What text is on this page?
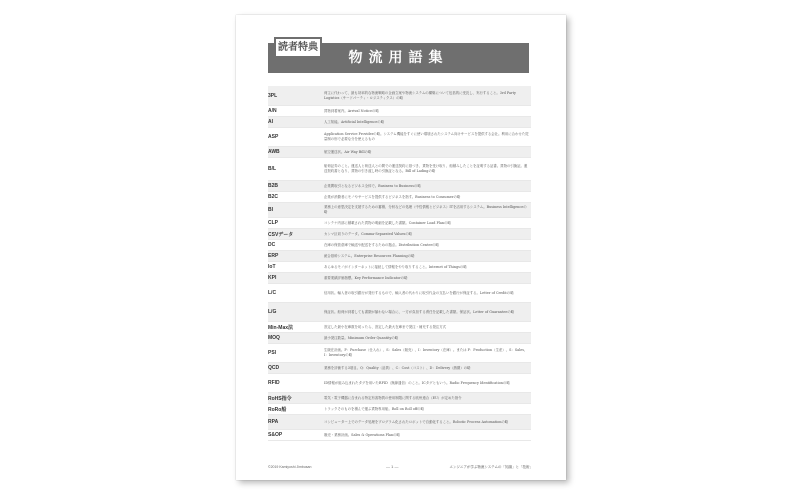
読者特典
物流用語集
3PL	荷主に代わって、最も効率的な物流戦略の企画立案や物流システムの構築について包括的に受託し、実行すること。3rd Party Logistics（サードパーティ・ロジスティクス）の略
A/N	貨物到着案内。Arrival Noticeの略
AI	人工知能。Artificial Intelligenceの略
ASP	Application Service Providerの略。システム機能をすぐに使い環境されたシステム向けサービスを提供する会社。利用に合わせた従量制の形で必要な分を使えるもの
AWB	航空運送状。Air Way Billの略
B/L	船荷証券のこと。運送人と荷送人との間での運送契約に基づき、貨物を受け取り、船積みしたことを証明する証書。貨物の引換証。運送契約書となり、貨物の引き渡し時の引換証となる。Bill of Ladingの略
B2B	企業間取引となるビジネス全体で。Business to Businessの略
B2C	企業が消費者にモノやサービスを提供するビジネスを指す。Business to Consumerの略
BI	業務上の意思決定を支援するための蓄積、分析などの処理（中性情報とビジネス）ITを活用するシステム。Business Intelligenceの略
CLP	コンテナ内部に積載された貨物の明細を記載した書類。Container Load Planの略
CSVデータ	カンマ区切りのデータ。Comma-Separated Valuesの略
DC	在庫の保管倉庫で輸送や配送をするための拠点。Distribution Centerの略
ERP	統合基幹システム。Enterprise Resources Planningの略
IoT	あらゆるモノがインターネットに接続して情報をやり取りすること。Internet of Thingsの略
KPI	重要業績評価指標。Key Performance Indicatorの略
L/C	信用状。輸入者の取引銀行が発行するもので、輸入者の代わりに取引代金の支払いを銀行が保証する。Letter of Creditの略
L/G	保証状。船荷が到着しても書類が揃わない場合に、一方が負担する責任を記載した書類。保証状。Letter of Guaranteeの略
Min-Max法	設定した最小在庫数を切ったら、設定した最大在庫まで発注・補充する発注方式
MOQ	最小発注数量。Minimum Order Quantityの略
PSI	生販在計画。P：Purchase（仕入れ）、S：Sales（販売）、I：Inventory（在庫）。または P：Production（生産）、S：Sales、I：Inventoryの略
QCD	業務を評価する3項目。Q：Quality（品質）、C：Cost（コスト）、D：Delivery（納期）の略
RFID	ID情報が組み込まれたタグを用いたRFID（無線通信）のこと。ICタグともいう。Radio Frequency Identificationの略
RoHS指令	電気・電子機器に含まれる特定有害物質の使用制限に関する欧州連合（EU）が定めた指令
RoRo船	トラックそのものを積んで運ぶ貨物専用船。Roll on Roll offの略
RPA	コンピューター上でのデータ処理をプログラム化されたロボットで自動化すること。Robotic Process Automationの略
S&OP	販売・業務計画。Sales & Operations Planの略
©2019 Kamiyoshi Jimbusan	— 1 —	エンジニアが学ぶ物流システムの「知識」と「技術」
